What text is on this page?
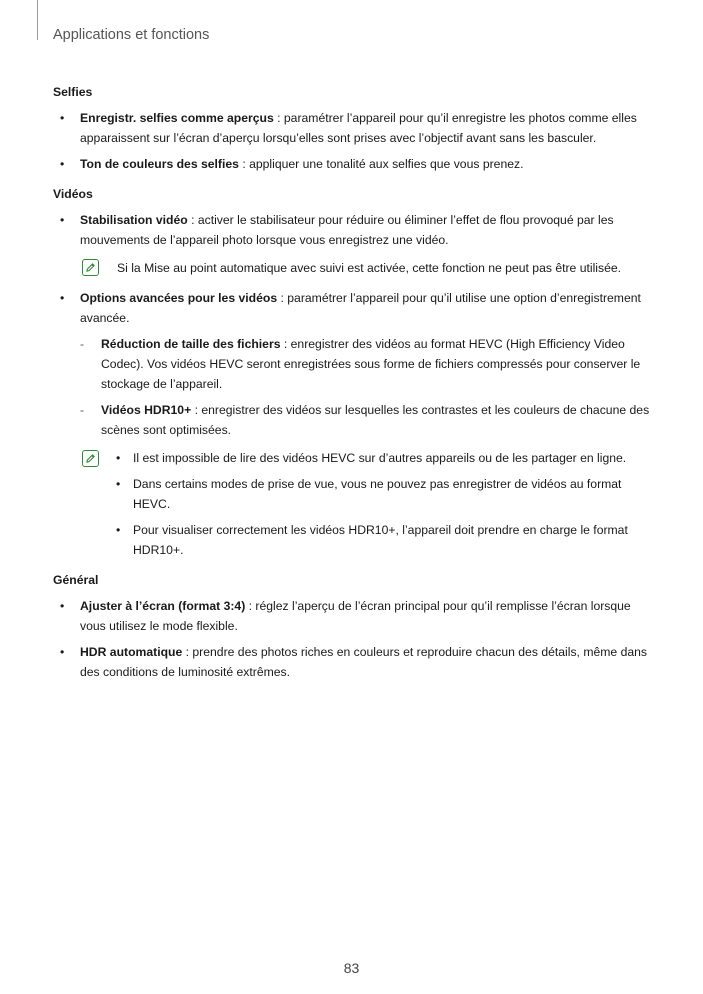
Applications et fonctions
Selfies
• Enregistr. selfies comme aperçus : paramétrer l’appareil pour qu’il enregistre les photos comme elles apparaissent sur l’écran d’aperçu lorsqu’elles sont prises avec l’objectif avant sans les basculer.
• Ton de couleurs des selfies : appliquer une tonalité aux selfies que vous prenez.
Vidéos
• Stabilisation vidéo : activer le stabilisateur pour réduire ou éliminer l’effet de flou provoqué par les mouvements de l’appareil photo lorsque vous enregistrez une vidéo.
Si la Mise au point automatique avec suivi est activée, cette fonction ne peut pas être utilisée.
• Options avancées pour les vidéos : paramétrer l’appareil pour qu’il utilise une option d’enregistrement avancée.
- Réduction de taille des fichiers : enregistrer des vidéos au format HEVC (High Efficiency Video Codec). Vos vidéos HEVC seront enregistrées sous forme de fichiers compressés pour conserver le stockage de l’appareil.
- Vidéos HDR10+ : enregistrer des vidéos sur lesquelles les contrastes et les couleurs de chacune des scènes sont optimisées.
• Il est impossible de lire des vidéos HEVC sur d’autres appareils ou de les partager en ligne.
• Dans certains modes de prise de vue, vous ne pouvez pas enregistrer de vidéos au format HEVC.
• Pour visualiser correctement les vidéos HDR10+, l’appareil doit prendre en charge le format HDR10+.
Général
• Ajuster à l’écran (format 3:4) : réglez l’aperçu de l’écran principal pour qu’il remplisse l’écran lorsque vous utilisez le mode flexible.
• HDR automatique : prendre des photos riches en couleurs et reproduire chacun des détails, même dans des conditions de luminosité extrêmes.
83
